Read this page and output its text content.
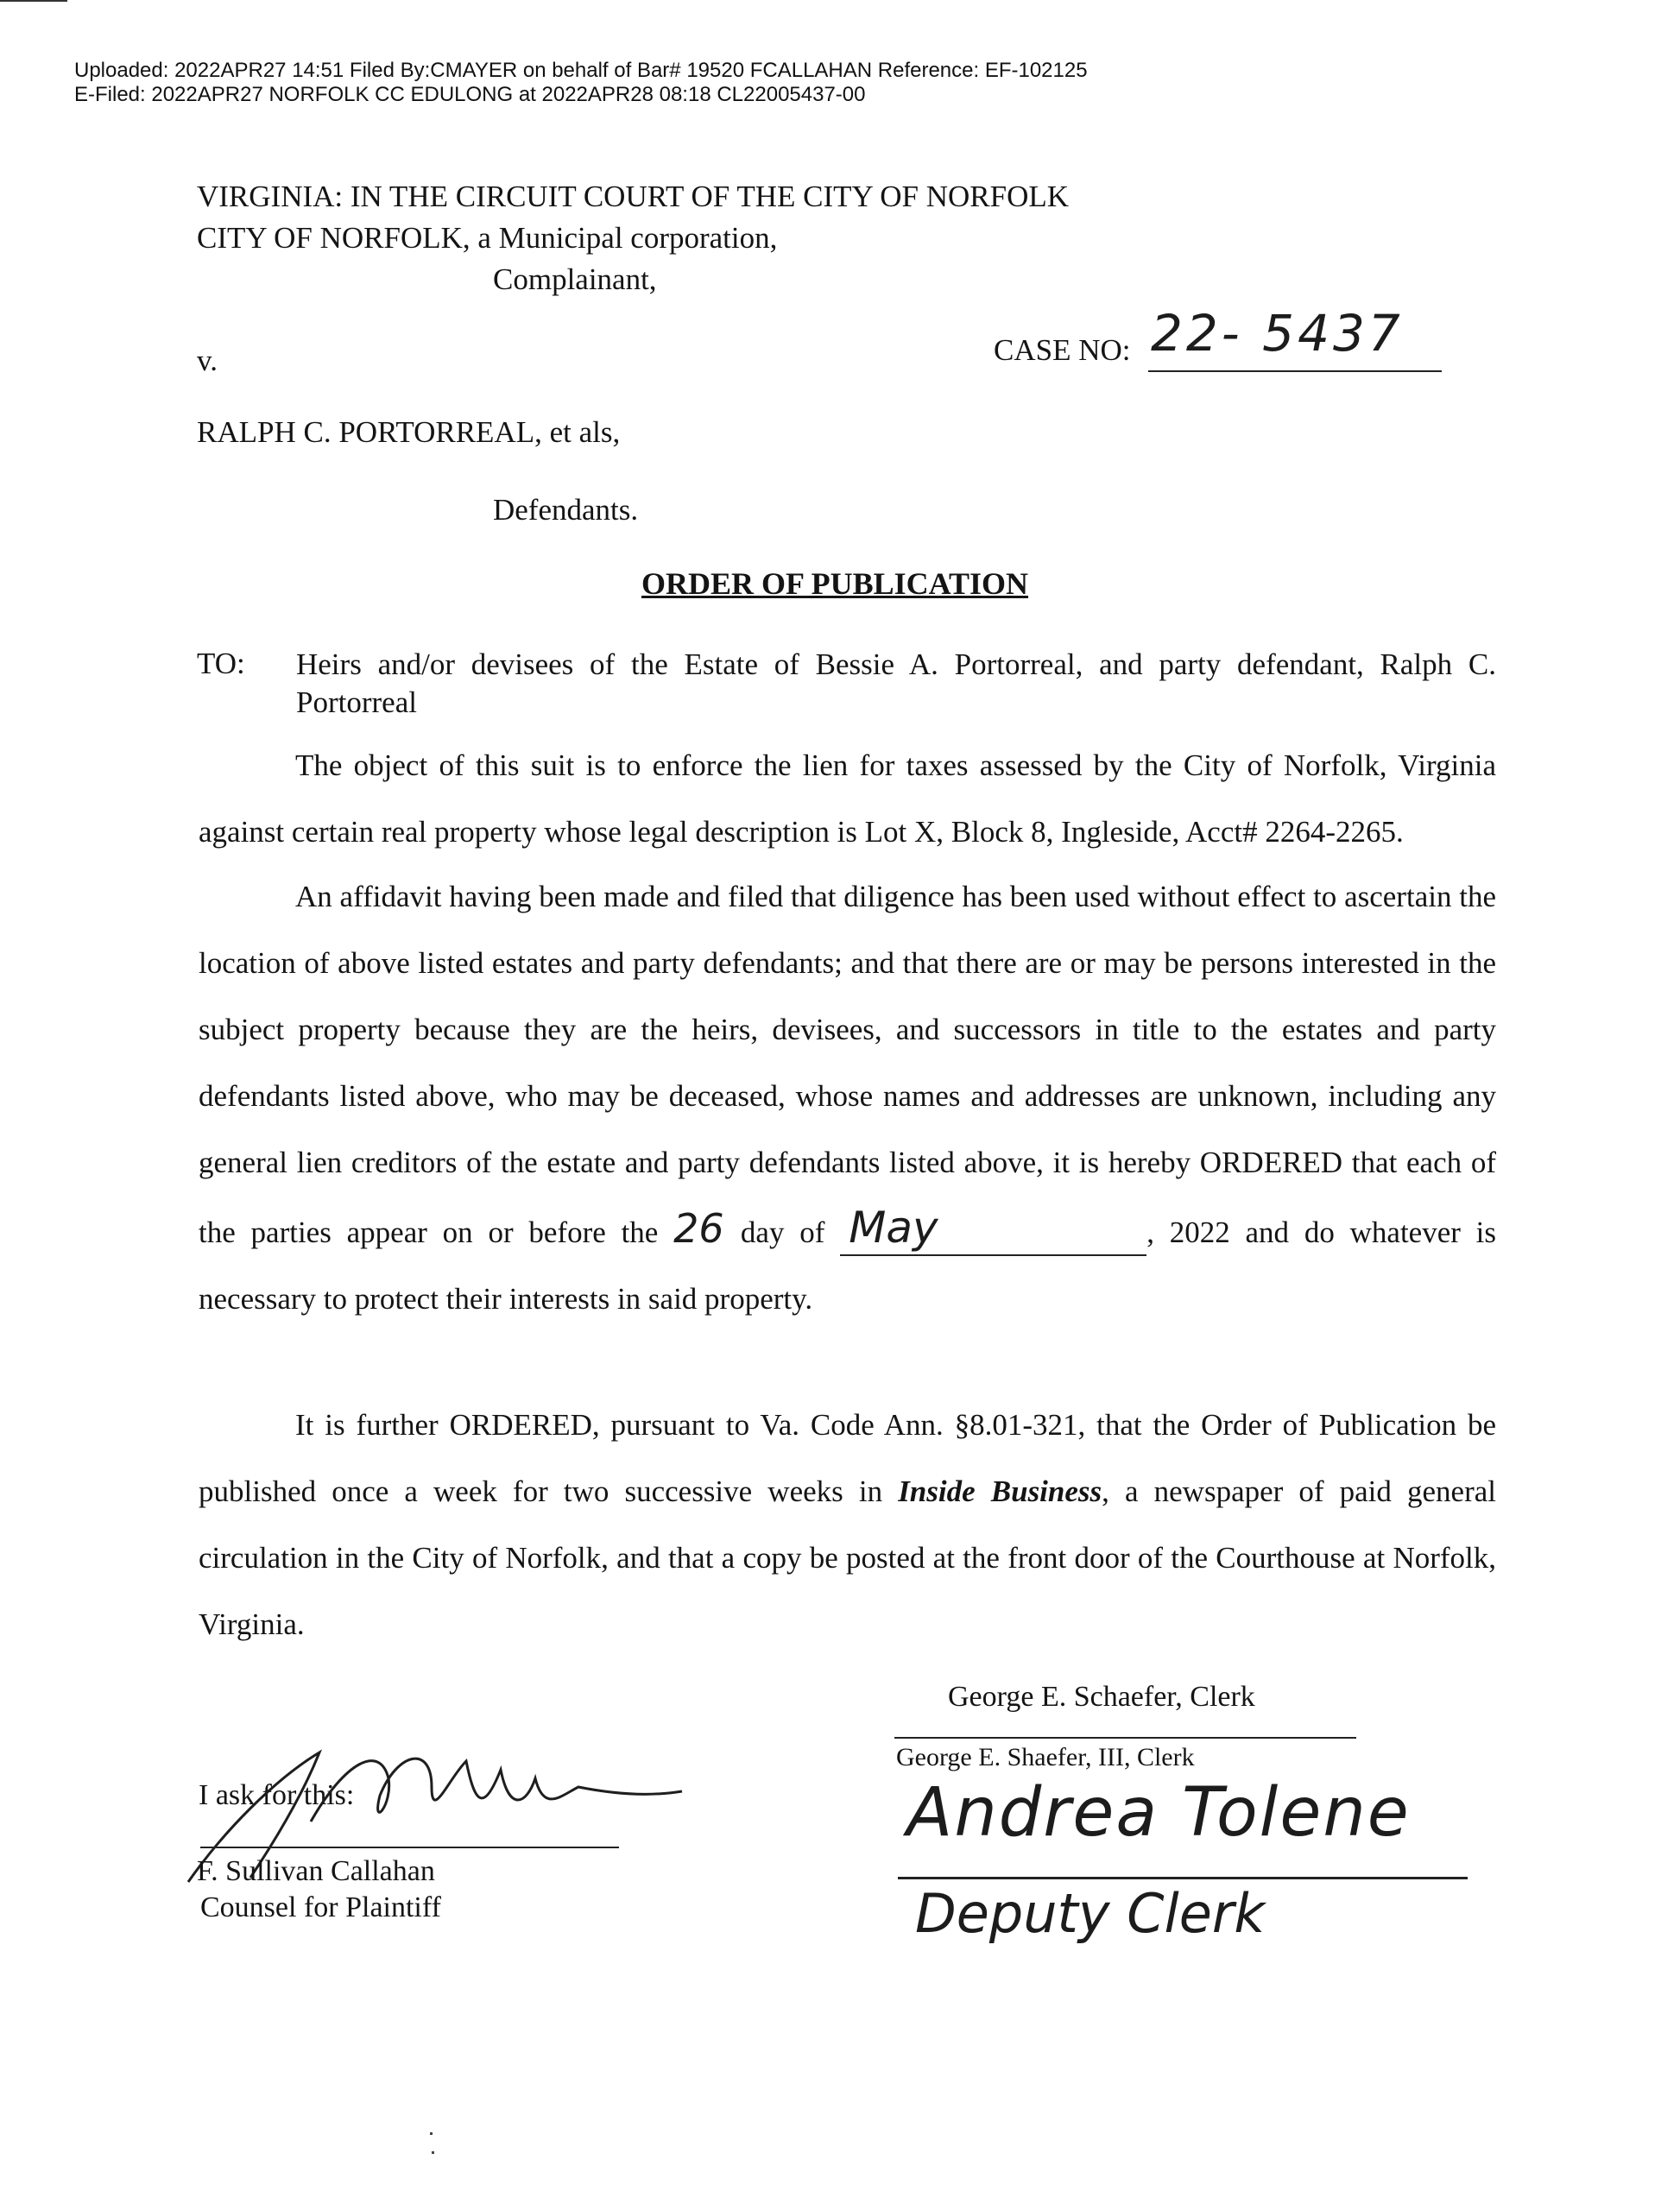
Uploaded: 2022APR27 14:51 Filed By:CMAYER on behalf of Bar# 19520 FCALLAHAN Reference: EF-102125
E-Filed: 2022APR27 NORFOLK CC EDULONG at 2022APR28 08:18 CL22005437-00
VIRGINIA: IN THE CIRCUIT COURT OF THE CITY OF NORFOLK
CITY OF NORFOLK, a Municipal corporation,
Complainant,
v.	CASE NO: 22- 5437
RALPH C. PORTORREAL, et als,
Defendants.
ORDER OF PUBLICATION
TO: Heirs and/or devisees of the Estate of Bessie A. Portorreal, and party defendant, Ralph C. Portorreal

The object of this suit is to enforce the lien for taxes assessed by the City of Norfolk, Virginia against certain real property whose legal description is Lot X, Block 8, Ingleside, Acct# 2264-2265.

An affidavit having been made and filed that diligence has been used without effect to ascertain the location of above listed estates and party defendants; and that there are or may be persons interested in the subject property because they are the heirs, devisees, and successors in title to the estates and party defendants listed above, who may be deceased, whose names and addresses are unknown, including any general lien creditors of the estate and party defendants listed above, it is hereby ORDERED that each of the parties appear on or before the 26 day of May	, 2022 and do whatever is necessary to protect their interests in said property.

It is further ORDERED, pursuant to Va. Code Ann. §8.01-321, that the Order of Publication be published once a week for two successive weeks in Inside Business, a newspaper of paid general circulation in the City of Norfolk, and that a copy be posted at the front door of the Courthouse at Norfolk, Virginia.

George E. Schaefer, Clerk
George E. Shaefer, III, Clerk
Andrea Tolene
Deputy Clerk
I ask for this:
F. Sullivan Callahan
Counsel for Plaintiff
